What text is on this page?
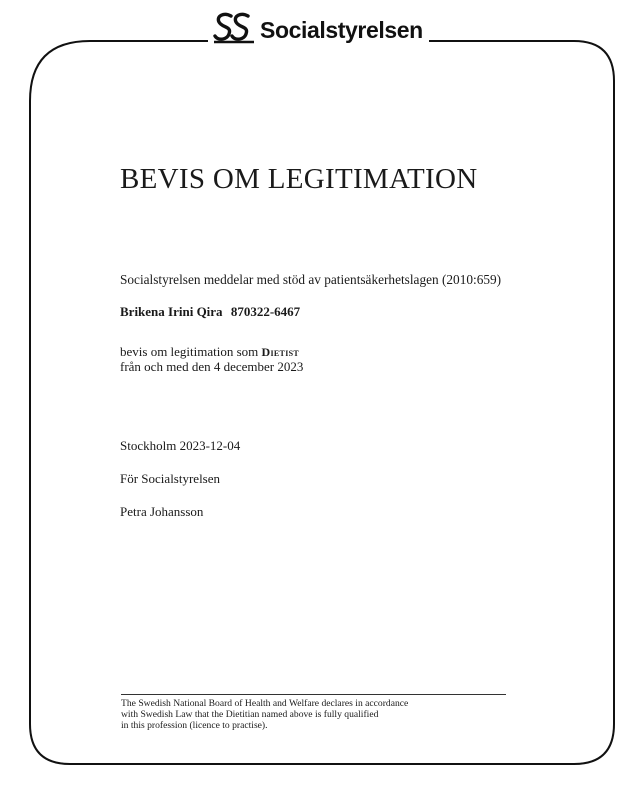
Socialstyrelsen
BEVIS OM LEGITIMATION
Socialstyrelsen meddelar med stöd av patientsäkerhetslagen (2010:659)
Brikena Irini Qira 870322-6467
bevis om legitimation som Dietist
från och med den 4 december 2023
Stockholm 2023-12-04
För Socialstyrelsen
Petra Johansson
The Swedish National Board of Health and Welfare declares in accordance
with Swedish Law that the Dietitian named above is fully qualified
in this profession (licence to practise).
